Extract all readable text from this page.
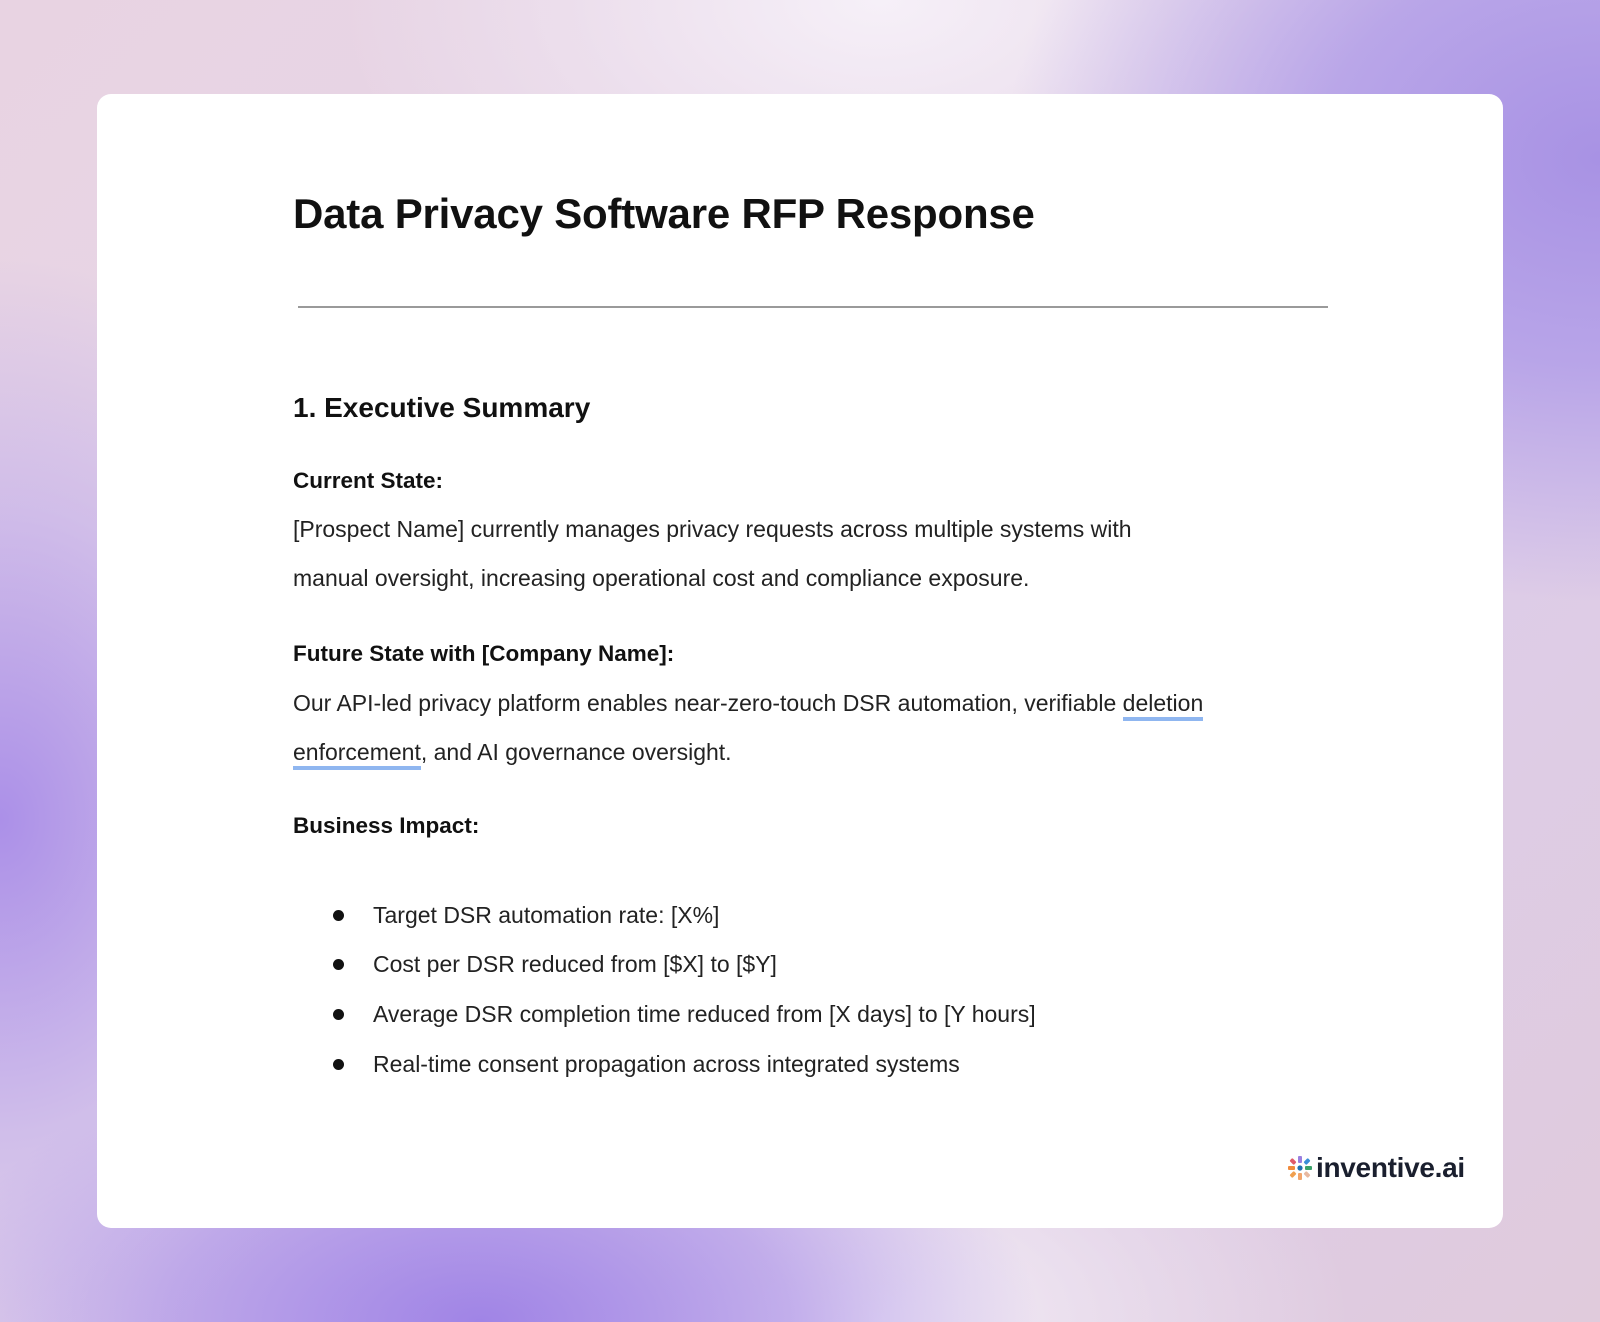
Data Privacy Software RFP Response
1. Executive Summary
Current State:
[Prospect Name] currently manages privacy requests across multiple systems with
manual oversight, increasing operational cost and compliance exposure.
Future State with [Company Name]:
Our API-led privacy platform enables near-zero-touch DSR automation, verifiable deletion
enforcement, and AI governance oversight.
Business Impact:
Target DSR automation rate: [X%]
Cost per DSR reduced from [$X] to [$Y]
Average DSR completion time reduced from [X days] to [Y hours]
Real-time consent propagation across integrated systems
inventive.ai
